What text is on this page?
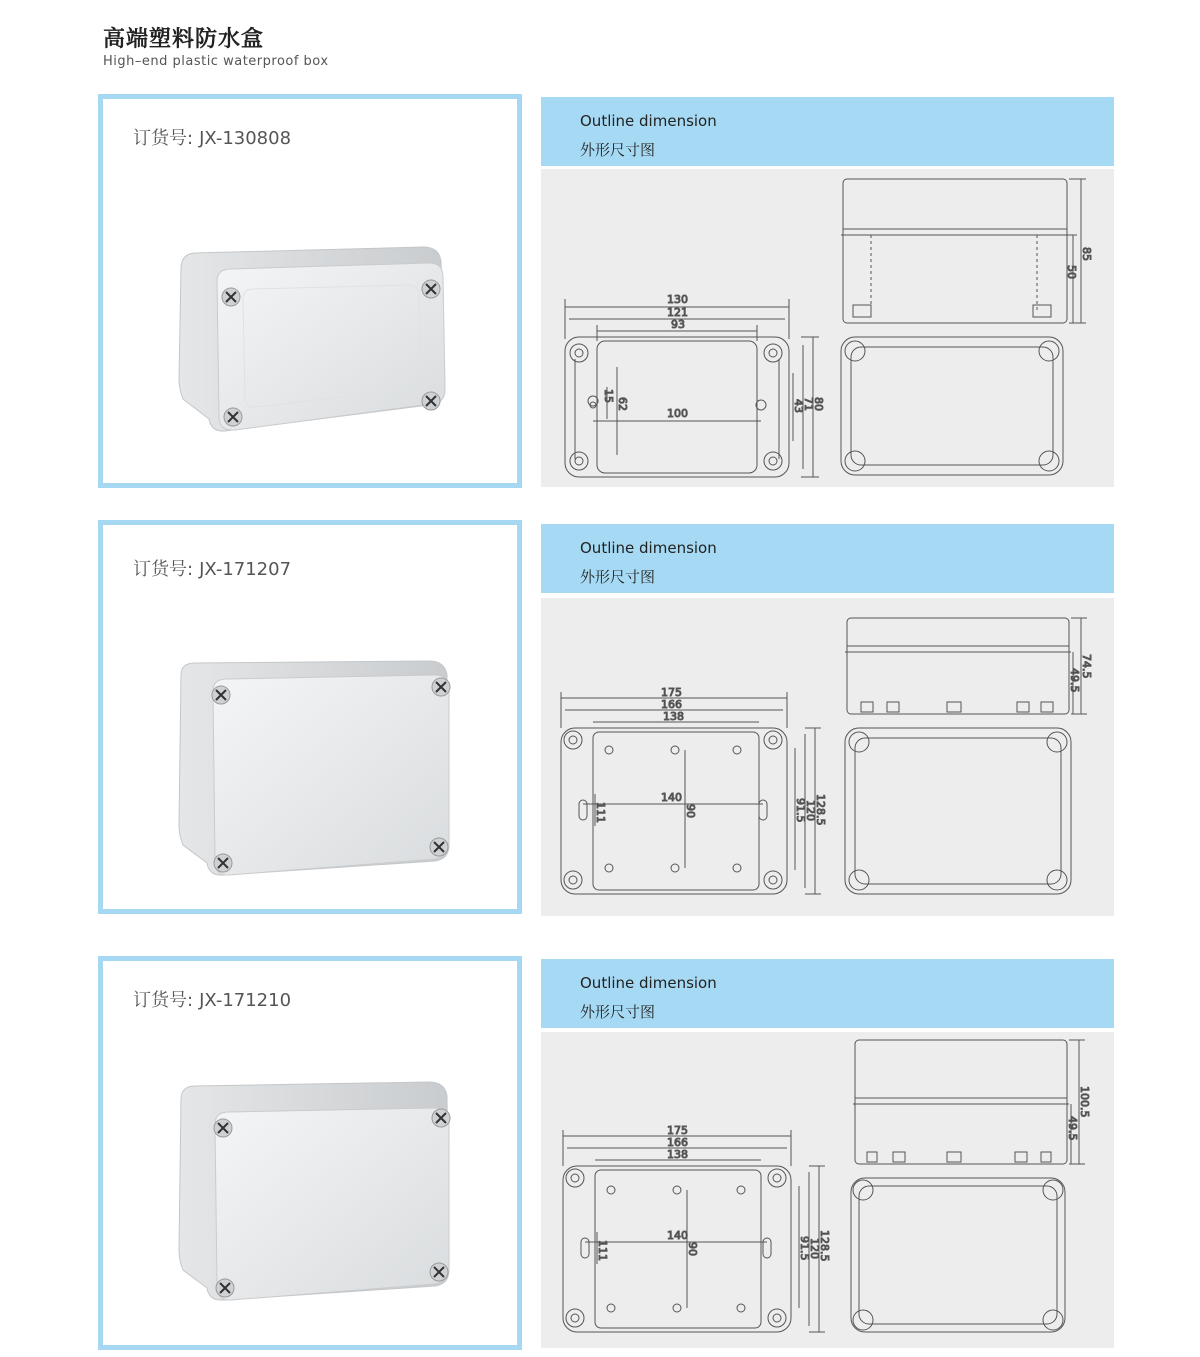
高端塑料防水盒
High–end plastic waterproof box
订货号: JX-130808
Outline dimension
外形尺寸图
85
50
130
121
93
100
80
71
43
62
15
订货号: JX-171207
Outline dimension
外形尺寸图
74.5
49.5
175
166
138
140
90
111	128.5
120
91.5
订货号: JX-171210
Outline dimension
外形尺寸图
100.5
49.5
175
166
138
140
90
111	128.5
120
91.5
